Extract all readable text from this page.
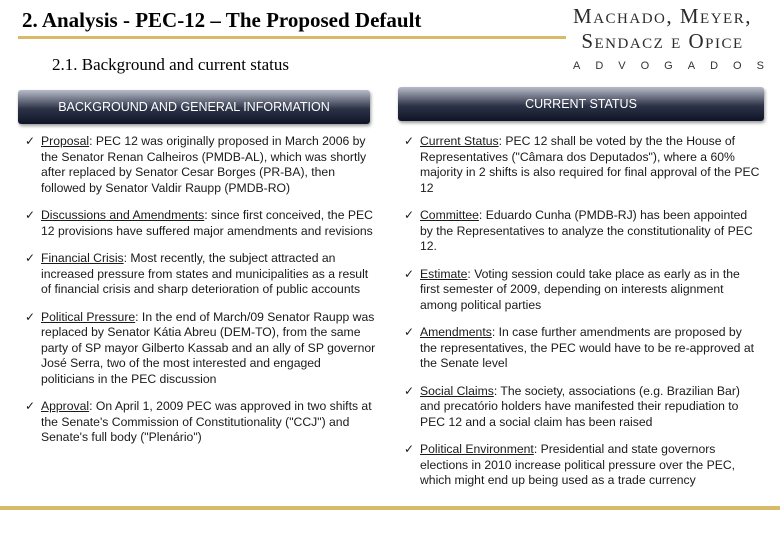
2. Analysis - PEC-12 – The Proposed Default	Machado, Meyer,
Sendacz e Opice
ADVOGADOS
2.1. Background and current status
BACKGROUND AND GENERAL INFORMATION	CURRENT STATUS
✓ Proposal: PEC 12 was originally proposed in March 2006 by the Senator Renan Calheiros (PMDB-AL), which was shortly after replaced by Senator Cesar Borges (PR-BA), then followed by Senator Valdir Raupp (PMDB-RO)
✓ Discussions and Amendments: since first conceived, the PEC 12 provisions have suffered major amendments and revisions
✓ Financial Crisis: Most recently, the subject attracted an increased pressure from states and municipalities as a result of financial crisis and sharp deterioration of public accounts
✓ Political Pressure: In the end of March/09 Senator Raupp was replaced by Senator Kátia Abreu (DEM-TO), from the same party of SP mayor Gilberto Kassab and an ally of SP governor José Serra, two of the most interested and engaged politicians in the PEC discussion
✓ Approval: On April 1, 2009 PEC was approved in two shifts at the Senate's Commission of Constitutionality ("CCJ") and Senate's full body ("Plenário")
✓ Current Status: PEC 12 shall be voted by the the House of Representatives ("Câmara dos Deputados"), where a 60% majority in 2 shifts is also required for final approval of the PEC 12
✓ Committee: Eduardo Cunha (PMDB-RJ) has been appointed by the Representatives to analyze the constitutionality of PEC 12.
✓ Estimate: Voting session could take place as early as in the first semester of 2009, depending on interests alignment among political parties
✓ Amendments: In case further amendments are proposed by the representatives, the PEC would have to be re-approved at the Senate level
✓ Social Claims: The society, associations (e.g. Brazilian Bar) and precatório holders have manifested their repudiation to PEC 12 and a social claim has been raised
✓ Political Environment: Presidential and state governors elections in 2010 increase political pressure over the PEC, which might end up being used as a trade currency
